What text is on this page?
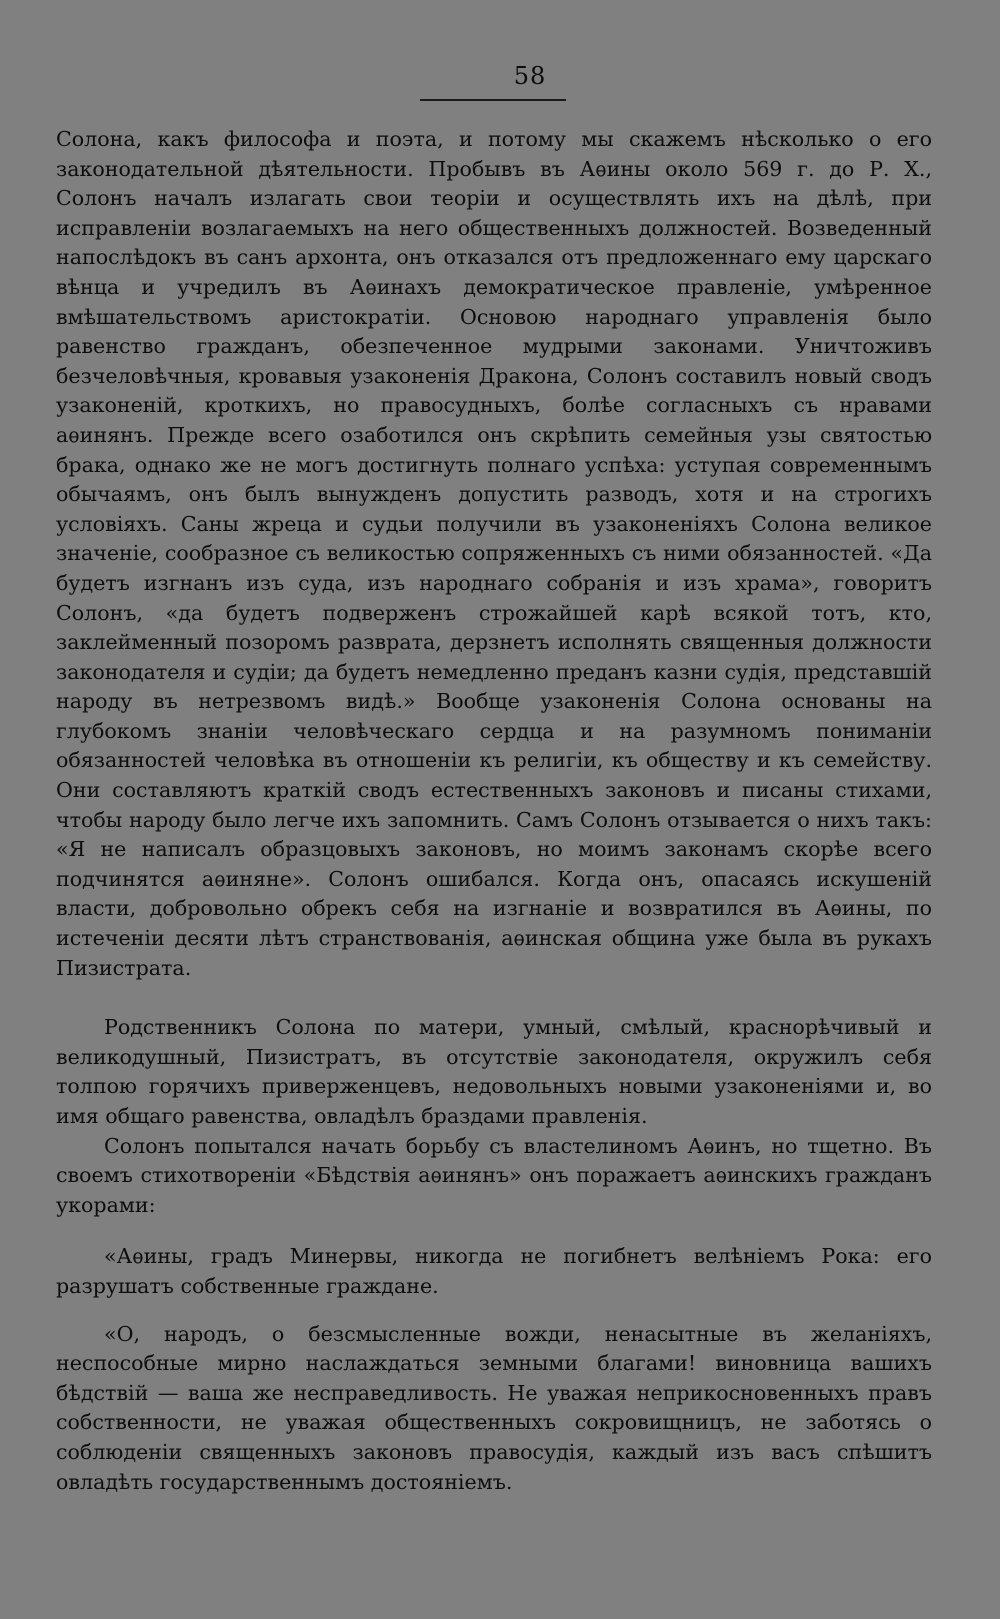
58

Солона, какъ философа и поэта, и потому мы скажемъ нѣсколько о его законодательной дѣятельности. Пробывъ въ Аѳины около 569 г. до Р. Х., Солонъ началъ излагать свои теоріи и осуществлять ихъ на дѣлѣ, при исправленіи возлагаемыхъ на него общественныхъ должностей. Возведенный напослѣдокъ въ санъ архонта, онъ отказался отъ предложеннаго ему царскаго вѣнца и учредилъ въ Аѳинахъ демократическое правленіе, умѣренное вмѣшательствомъ аристократіи. Основою народнаго управленія было равенство гражданъ, обезпеченное мудрыми законами. Уничтоживъ безчеловѣчныя, кровавыя узаконенія Дракона, Солонъ составилъ новый сводъ узаконеній, кроткихъ, но правосудныхъ, болѣе согласныхъ съ нравами аѳинянъ. Прежде всего озаботился онъ скрѣпить семейныя узы святостью брака, однако же не могъ достигнуть полнаго успѣха: уступая современнымъ обычаямъ, онъ былъ вынужденъ допустить разводъ, хотя и на строгихъ условіяхъ. Саны жреца и судьи получили въ узаконеніяхъ Солона великое значеніе, сообразное съ великостью сопряженныхъ съ ними обязанностей. «Да будетъ изгнанъ изъ суда, изъ народнаго собранія и изъ храма», говоритъ Солонъ, «да будетъ подверженъ строжайшей карѣ всякой тотъ, кто, заклейменный позоромъ разврата, дерзнетъ исполнять священныя должности законодателя и судіи; да будетъ немедленно преданъ казни судія, представшій народу въ нетрезвомъ видѣ.» Вообще узаконенія Солона основаны на глубокомъ знаніи человѣческаго сердца и на разумномъ пониманіи обязанностей человѣка въ отношеніи къ религіи, къ обществу и къ семейству. Они составляютъ краткій сводъ естественныхъ законовъ и писаны стихами, чтобы народу было легче ихъ запомнить. Самъ Солонъ отзывается о нихъ такъ: «Я не написалъ образцовыхъ законовъ, но моимъ законамъ скорѣе всего подчинятся аѳиняне». Солонъ ошибался. Когда онъ, опасаясь искушеній власти, добровольно обрекъ себя на изгнаніе и возвратился въ Аѳины, по истеченіи десяти лѣтъ странствованія, аѳинская община уже была въ рукахъ Пизистрата.

Родственникъ Солона по матери, умный, смѣлый, краснорѣчивый и великодушный, Пизистратъ, въ отсутствіе законодателя, окружилъ себя толпою горячихъ приверженцевъ, недовольныхъ новыми узаконеніями и, во имя общаго равенства, овладѣлъ браздами правленія.

Солонъ попытался начать борьбу съ властелиномъ Аѳинъ, но тщетно. Въ своемъ стихотвореніи «Бѣдствія аѳинянъ» онъ поражаетъ аѳинскихъ гражданъ укорами:

«Аѳины, градъ Минервы, никогда не погибнетъ велѣніемъ Рока: его разрушатъ собственные граждане.

«О, народъ, о безсмысленные вожди, ненасытные въ желаніяхъ, неспособные мирно наслаждаться земными благами! виновница вашихъ бѣдствій — ваша же несправедливость. Не уважая неприкосновенныхъ правъ собственности, не уважая общественныхъ сокровищницъ, не заботясь о соблюденіи священныхъ законовъ правосудія, каждый изъ васъ спѣшитъ овладѣть государственнымъ достояніемъ.
